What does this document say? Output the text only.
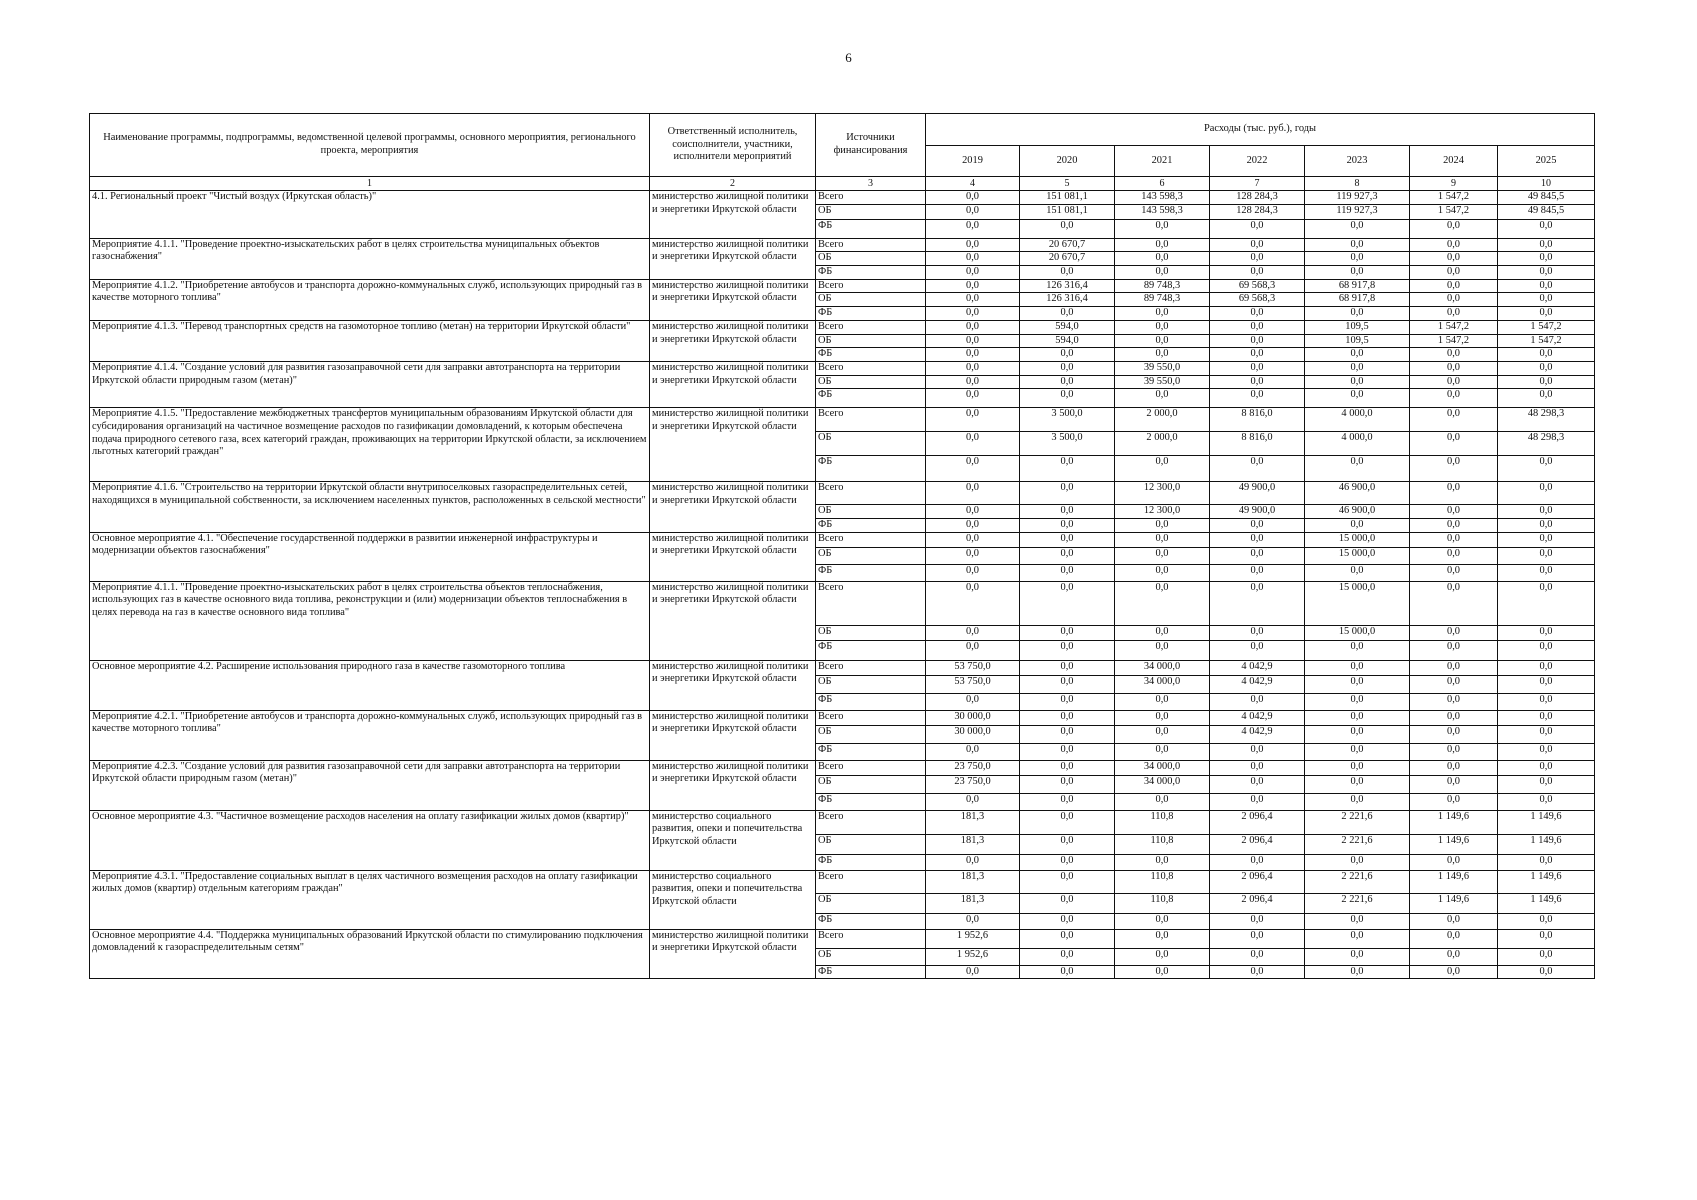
6
Наименование программы, подпрограммы, ведомственной целевой программы, основного мероприятия, регионального проекта, мероприятия	Ответственный исполнитель, соисполнители, участники, исполнители мероприятий	Источники финансирования	Расходы (тыс. руб.), годы						
			2019	2020	2021	2022	2023	2024	2025
1	2	3	4	5	6	7	8	9	10
4.1. Региональный проект "Чистый воздух (Иркутская область)"	министерство жилищной политики и энергетики Иркутской области	Всего	0,0	151 081,1	143 598,3	128 284,3	119 927,3	1 547,2	49 845,5
		ОБ	0,0	151 081,1	143 598,3	128 284,3	119 927,3	1 547,2	49 845,5
		ФБ	0,0	0,0	0,0	0,0	0,0	0,0	0,0
Мероприятие 4.1.1. "Проведение проектно-изыскательских работ в целях строительства муниципальных объектов газоснабжения"	министерство жилищной политики и энергетики Иркутской области	Всего	0,0	20 670,7	0,0	0,0	0,0	0,0	0,0
		ОБ	0,0	20 670,7	0,0	0,0	0,0	0,0	0,0
		ФБ	0,0	0,0	0,0	0,0	0,0	0,0	0,0
Мероприятие 4.1.2. "Приобретение автобусов и транспорта дорожно-коммунальных служб, использующих природный газ в качестве моторного топлива"	министерство жилищной политики и энергетики Иркутской области	Всего	0,0	126 316,4	89 748,3	69 568,3	68 917,8	0,0	0,0
		ОБ	0,0	126 316,4	89 748,3	69 568,3	68 917,8	0,0	0,0
		ФБ	0,0	0,0	0,0	0,0	0,0	0,0	0,0
Мероприятие 4.1.3. "Перевод транспортных средств на газомоторное топливо (метан) на территории Иркутской области"	министерство жилищной политики и энергетики Иркутской области	Всего	0,0	594,0	0,0	0,0	109,5	1 547,2	1 547,2
		ОБ	0,0	594,0	0,0	0,0	109,5	1 547,2	1 547,2
		ФБ	0,0	0,0	0,0	0,0	0,0	0,0	0,0
Мероприятие 4.1.4. "Создание условий для развития газозаправочной сети для заправки автотранспорта на территории Иркутской области природным газом (метан)"	министерство жилищной политики и энергетики Иркутской области	Всего	0,0	0,0	39 550,0	0,0	0,0	0,0	0,0
		ОБ	0,0	0,0	39 550,0	0,0	0,0	0,0	0,0
		ФБ	0,0	0,0	0,0	0,0	0,0	0,0	0,0
Мероприятие 4.1.5. "Предоставление межбюджетных трансфертов муниципальным образованиям Иркутской области для субсидирования организаций на частичное возмещение расходов по газификации домовладений, к которым обеспечена подача природного сетевого газа, всех категорий граждан, проживающих на территории Иркутской области, за исключением льготных категорий граждан"	министерство жилищной политики и энергетики Иркутской области	Всего	0,0	3 500,0	2 000,0	8 816,0	4 000,0	0,0	48 298,3
		ОБ	0,0	3 500,0	2 000,0	8 816,0	4 000,0	0,0	48 298,3
		ФБ	0,0	0,0	0,0	0,0	0,0	0,0	0,0
Мероприятие 4.1.6. "Строительство на территории Иркутской области внутрипоселковых газораспределительных сетей, находящихся в муниципальной собственности, за исключением населенных пунктов, расположенных в сельской местности"	министерство жилищной политики и энергетики Иркутской области	Всего	0,0	0,0	12 300,0	49 900,0	46 900,0	0,0	0,0
		ОБ	0,0	0,0	12 300,0	49 900,0	46 900,0	0,0	0,0
		ФБ	0,0	0,0	0,0	0,0	0,0	0,0	0,0
Основное мероприятие 4.1. "Обеспечение государственной поддержки в развитии инженерной инфраструктуры и модернизации объектов газоснабжения"	министерство жилищной политики и энергетики Иркутской области	Всего	0,0	0,0	0,0	0,0	15 000,0	0,0	0,0
		ОБ	0,0	0,0	0,0	0,0	15 000,0	0,0	0,0
		ФБ	0,0	0,0	0,0	0,0	0,0	0,0	0,0
Мероприятие 4.1.1. "Проведение проектно-изыскательских работ в целях строительства объектов теплоснабжения, использующих газ в качестве основного вида топлива, реконструкции и (или) модернизации объектов теплоснабжения в целях перевода на газ в качестве основного вида топлива"	министерство жилищной политики и энергетики Иркутской области	Всего	0,0	0,0	0,0	0,0	15 000,0	0,0	0,0
		ОБ	0,0	0,0	0,0	0,0	15 000,0	0,0	0,0
		ФБ	0,0	0,0	0,0	0,0	0,0	0,0	0,0
Основное мероприятие 4.2. Расширение использования природного газа в качестве газомоторного топлива	министерство жилищной политики и энергетики Иркутской области	Всего	53 750,0	0,0	34 000,0	4 042,9	0,0	0,0	0,0
		ОБ	53 750,0	0,0	34 000,0	4 042,9	0,0	0,0	0,0
		ФБ	0,0	0,0	0,0	0,0	0,0	0,0	0,0
Мероприятие 4.2.1. "Приобретение автобусов и транспорта дорожно-коммунальных служб, использующих природный газ в качестве моторного топлива"	министерство жилищной политики и энергетики Иркутской области	Всего	30 000,0	0,0	0,0	4 042,9	0,0	0,0	0,0
		ОБ	30 000,0	0,0	0,0	4 042,9	0,0	0,0	0,0
		ФБ	0,0	0,0	0,0	0,0	0,0	0,0	0,0
Мероприятие 4.2.3. "Создание условий для развития газозаправочной сети для заправки автотранспорта на территории Иркутской области природным газом (метан)"	министерство жилищной политики и энергетики Иркутской области	Всего	23 750,0	0,0	34 000,0	0,0	0,0	0,0	0,0
		ОБ	23 750,0	0,0	34 000,0	0,0	0,0	0,0	0,0
		ФБ	0,0	0,0	0,0	0,0	0,0	0,0	0,0
Основное мероприятие 4.3. "Частичное возмещение расходов населения на оплату газификации жилых домов (квартир)"	министерство социального развития, опеки и попечительства Иркутской области	Всего	181,3	0,0	110,8	2 096,4	2 221,6	1 149,6	1 149,6
		ОБ	181,3	0,0	110,8	2 096,4	2 221,6	1 149,6	1 149,6
		ФБ	0,0	0,0	0,0	0,0	0,0	0,0	0,0
Мероприятие 4.3.1. "Предоставление социальных выплат в целях частичного возмещения расходов на оплату газификации жилых домов (квартир) отдельным категориям граждан"	министерство социального развития, опеки и попечительства Иркутской области	Всего	181,3	0,0	110,8	2 096,4	2 221,6	1 149,6	1 149,6
		ОБ	181,3	0,0	110,8	2 096,4	2 221,6	1 149,6	1 149,6
		ФБ	0,0	0,0	0,0	0,0	0,0	0,0	0,0
Основное мероприятие 4.4. "Поддержка муниципальных образований Иркутской области по стимулированию подключения домовладений к газораспределительным сетям"	министерство жилищной политики и энергетики Иркутской области	Всего	1 952,6	0,0	0,0	0,0	0,0	0,0	0,0
		ОБ	1 952,6	0,0	0,0	0,0	0,0	0,0	0,0
		ФБ	0,0	0,0	0,0	0,0	0,0	0,0	0,0
